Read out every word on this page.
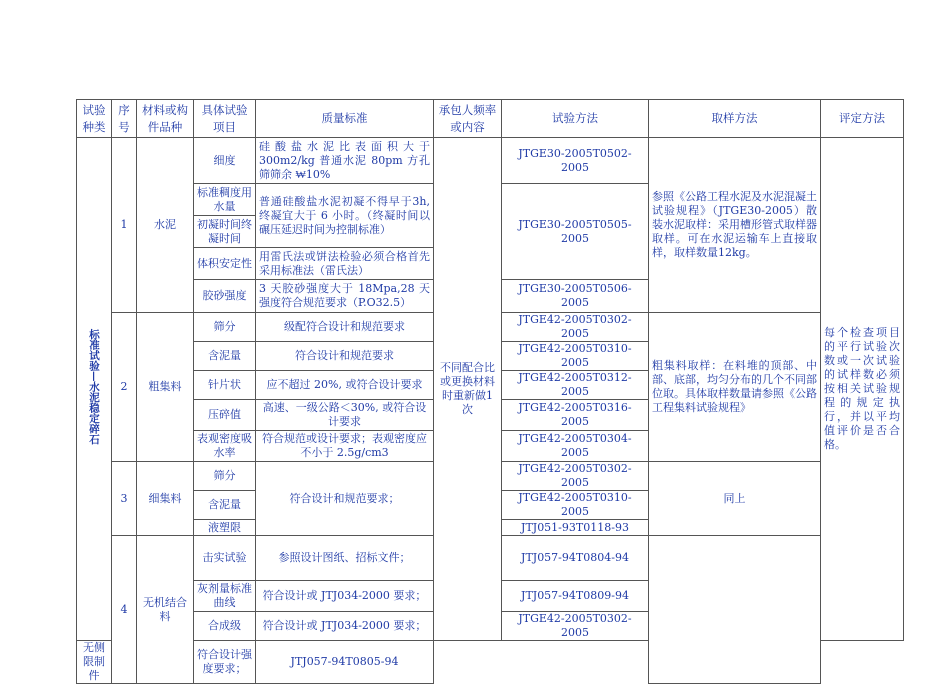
试验种类	序号	材料或构件品种	具体试验项目	质量标准	承包人频率或内容	试验方法	取样方法	评定方法
标准试验—水泥稳定碎石	1	水泥	细度	硅酸盐水泥比表面积大于300m2/kg 普通水泥 80pm 方孔筛筛余 ₩10%	不同配合比或更换材料时重新做1次	JTGE30-2005T0502-2005	参照《公路工程水泥及水泥混凝土试验规程》（JTGE30-2005）散装水泥取样：采用槽形管式取样器取样。可在水泥运输车上直接取样，取样数量12kg。	每个检查项目的平行试验次数或一次试验的试样数必须按相关试验规程的规定执行，并以平均值评价是否合格。
			标准稠度用水量	普通硅酸盐水泥初凝不得早于3h, 终凝宜大于 6 小时。（终凝时间以碾压延迟时间为控制标准）		JTGE30-2005T0505-2005		
			初凝时间终凝时间					
			体积安定性	用雷氏法或饼法检验必须合格首先采用标准法（雷氏法）				
			胶砂强度	3 天胶砂强度大于 18Mpa,28 天强度符合规范要求（P.O32.5）		JTGE30-2005T0506-2005		
	2	粗集料	筛分	级配符合设计和规范要求		JTGE42-2005T0302-2005	粗集料取样：在料堆的顶部、中部、底部，均匀分布的几个不同部位取。具体取样数量请参照《公路工程集料试验规程》	
			含泥量	符合设计和规范要求		JTGE42-2005T0310-2005		
			针片状	应不超过 20%, 或符合设计要求		JTGE42-2005T0312-2005		
			压碎值	高速、一级公路＜30%, 或符合设计要求		JTGE42-2005T0316-2005		
			表观密度吸水率	符合规范或设计要求；表观密度应不小于 2.5g/cm3		JTGE42-2005T0304-2005		
	3	细集料	筛分	符合设计和规范要求；		JTGE42-2005T0302-2005	同上	
			含泥量			JTGE42-2005T0310-2005		
			液塑限			JTJ051-93T0118-93		
	4	无机结合料	击实试验	参照设计图纸、招标文件；		JTJ057-94T0804-94		
			灰剂量标准曲线	符合设计或 JTJ034-2000 要求；		JTJ057-94T0809-94		
			合成级	符合设计或 JTJ034-2000 要求；		JTGE42-2005T0302-2005		
无侧限制件			符合设计强度要求；	JTJ057-94T0805-94				
